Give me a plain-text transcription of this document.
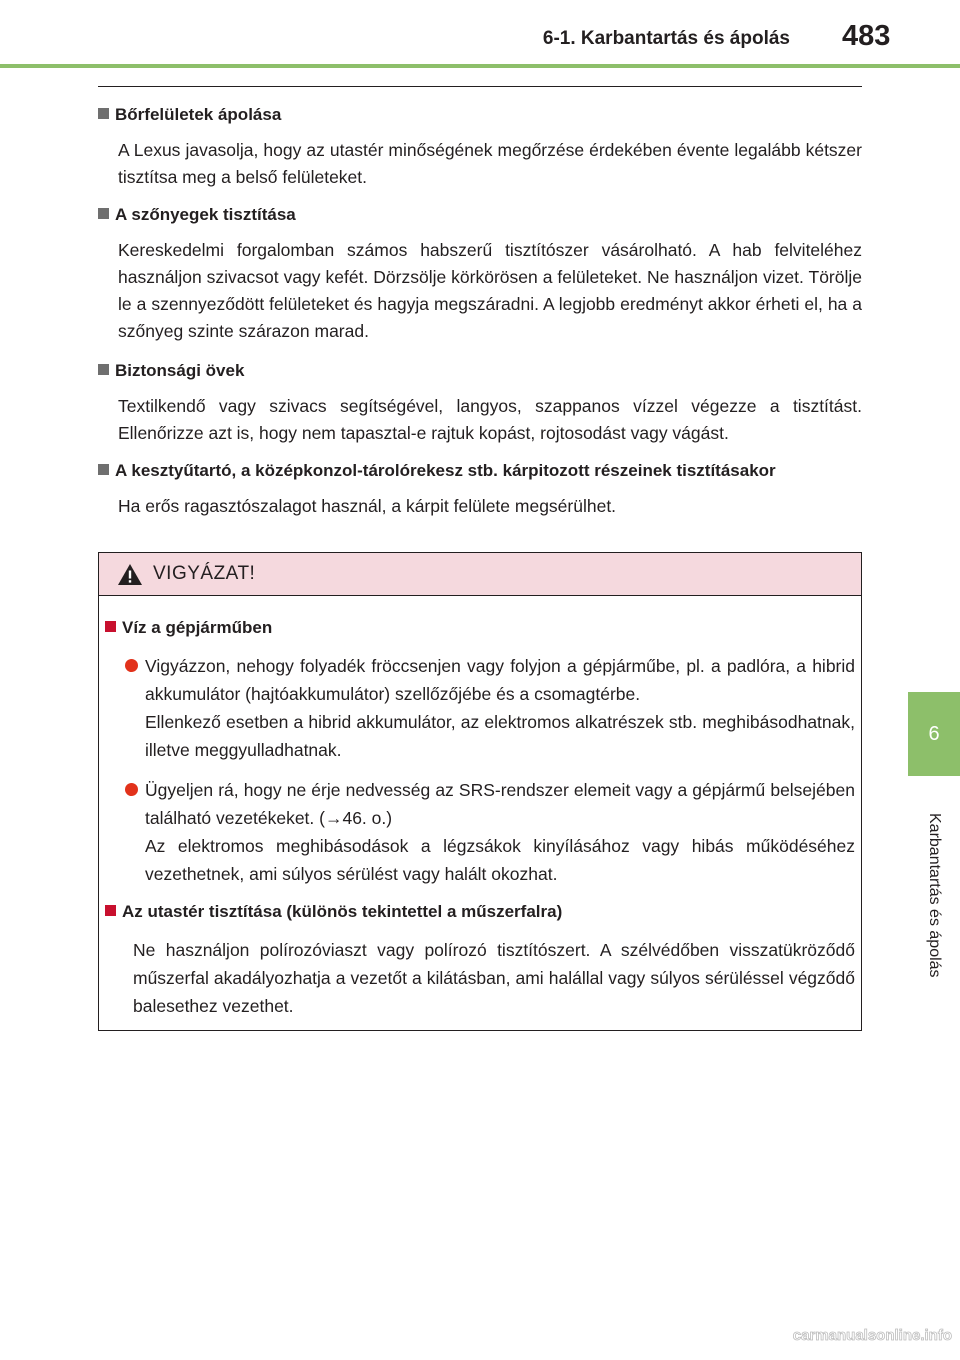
6-1. Karbantartás és ápolás 483
6
Karbantartás és ápolás
Bőrfelületek ápolása
A Lexus javasolja, hogy az utastér minőségének megőrzése érdekében évente legalább kétszer tisztítsa meg a belső felületeket.
A szőnyegek tisztítása
Kereskedelmi forgalomban számos habszerű tisztítószer vásárolható. A hab felviteléhez használjon szivacsot vagy kefét. Dörzsölje körkörösen a felületeket. Ne használjon vizet. Törölje le a szennyeződött felületeket és hagyja megszáradni. A legjobb eredményt akkor érheti el, ha a szőnyeg szinte szárazon marad.
Biztonsági övek
Textilkendő vagy szivacs segítségével, langyos, szappanos vízzel végezze a tisztítást. Ellenőrizze azt is, hogy nem tapasztal-e rajtuk kopást, rojtosodást vagy vágást.
A kesztyűtartó, a középkonzol-tárolórekesz stb. kárpitozott részeinek tisztításakor
Ha erős ragasztószalagot használ, a kárpit felülete megsérülhet.
VIGYÁZAT!
Víz a gépjárműben
Vigyázzon, nehogy folyadék fröccsenjen vagy folyjon a gépjárműbe, pl. a padlóra, a hibrid akkumulátor (hajtóakkumulátor) szellőzőjébe és a csomagtérbe.
Ellenkező esetben a hibrid akkumulátor, az elektromos alkatrészek stb. meghibásodhatnak, illetve meggyulladhatnak.
Ügyeljen rá, hogy ne érje nedvesség az SRS-rendszer elemeit vagy a gépjármű belsejében található vezetékeket. (→46. o.)
Az elektromos meghibásodások a légzsákok kinyílásához vagy hibás működéséhez vezethetnek, ami súlyos sérülést vagy halált okozhat.
Az utastér tisztítása (különös tekintettel a műszerfalra)
Ne használjon polírozóviaszt vagy polírozó tisztítószert. A szélvédőben visszatükröződő műszerfal akadályozhatja a vezetőt a kilátásban, ami halállal vagy súlyos sérüléssel végződő balesethez vezethet.
carmanualsonline.info
